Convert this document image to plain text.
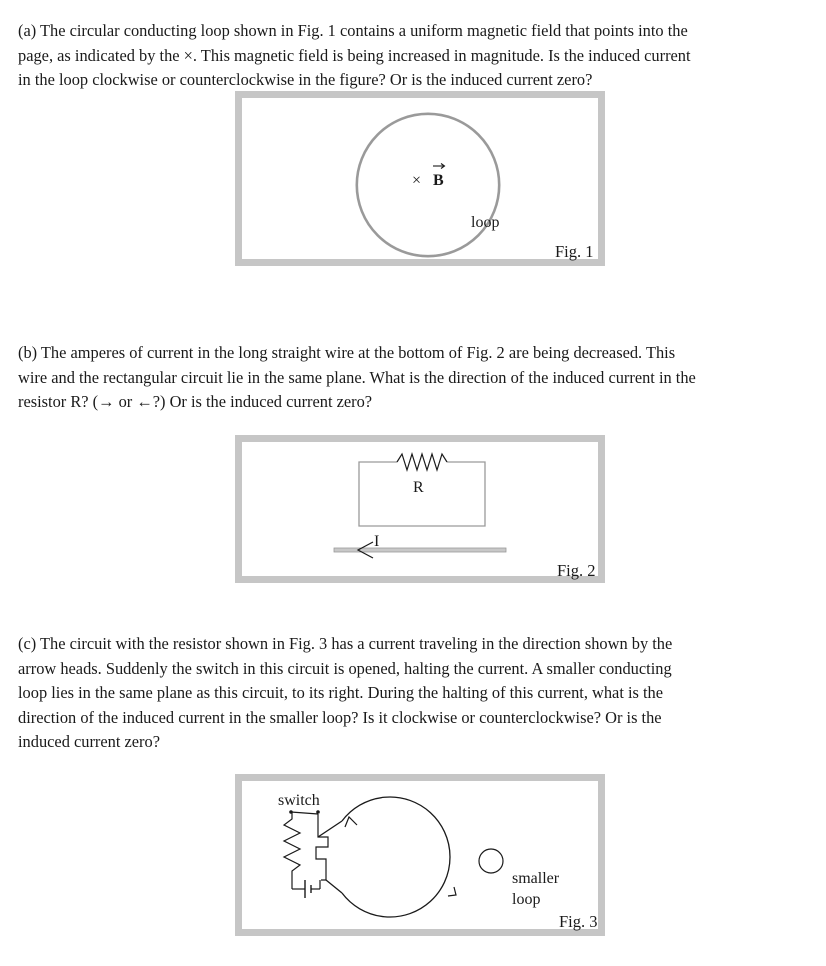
(a) The circular conducting loop shown in Fig. 1 contains a uniform magnetic field that points into the
page, as indicated by the ×. This magnetic field is being increased in magnitude. Is the induced current
in the loop clockwise or counterclockwise in the figure? Or is the induced current zero?
× B
loop
Fig. 1
(b) The amperes of current in the long straight wire at the bottom of Fig. 2 are being decreased. This
wire and the rectangular circuit lie in the same plane. What is the direction of the induced current in the
resistor R? (→ or ←?) Or is the induced current zero?
R
I
Fig. 2
(c) The circuit with the resistor shown in Fig. 3 has a current traveling in the direction shown by the
arrow heads. Suddenly the switch in this circuit is opened, halting the current. A smaller conducting
loop lies in the same plane as this circuit, to its right. During the halting of this current, what is the
direction of the induced current in the smaller loop? Is it clockwise or counterclockwise? Or is the
induced current zero?
switch
smaller
loop
Fig. 3
